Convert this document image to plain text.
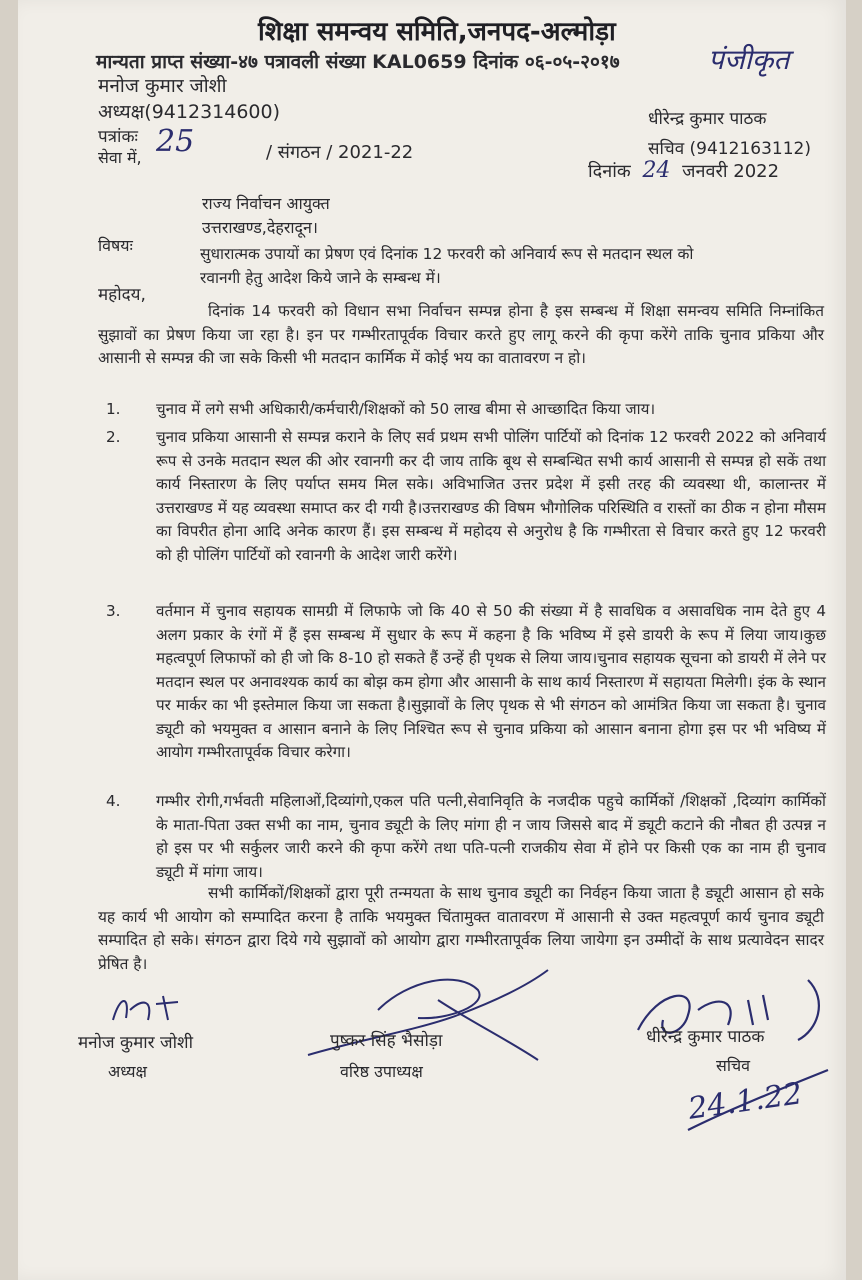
शिक्षा समन्वय समिति,जनपद-अल्मोड़ा
मान्यता प्राप्त संख्या-४७ पत्रावली संख्या KAL0659 दिनांक ०६-०५-२०१७	पंजीकृत
मनोज कुमार जोशी
अध्यक्ष(9412314600)	धीरेन्द्र कुमार पाठक
सचिव (9412163112)
पत्रांकः
सेवा में, 25	/ संगठन / 2021-22
दिनांक 24 जनवरी 2022
राज्य निर्वाचन आयुक्त
उत्तराखण्ड,देहरादून।
विषयः	सुधारात्मक उपायों का प्रेषण एवं दिनांक 12 फरवरी को अनिवार्य रूप से मतदान स्थल को
रवानगी हेतु आदेश किये जाने के सम्बन्ध में।
महोदय,
दिनांक 14 फरवरी को विधान सभा निर्वाचन सम्पन्न होना है इस सम्बन्ध में शिक्षा समन्वय समिति निम्नांकित सुझावों का प्रेषण किया जा रहा है। इन पर गम्भीरतापूर्वक विचार करते हुए लागू करने की कृपा करेंगे ताकि चुनाव प्रकिया और आसानी से सम्पन्न की जा सके किसी भी मतदान कार्मिक में कोई भय का वातावरण न हो।
1.	चुनाव में लगे सभी अधिकारी/कर्मचारी/शिक्षकों को 50 लाख बीमा से आच्छादित किया जाय।
2.	चुनाव प्रकिया आसानी से सम्पन्न कराने के लिए सर्व प्रथम सभी पोलिंग पार्टियों को दिनांक 12 फरवरी 2022 को अनिवार्य रूप से उनके मतदान स्थल की ओर रवानगी कर दी जाय ताकि बूथ से सम्बन्धित सभी कार्य आसानी से सम्पन्न हो सकें तथा कार्य निस्तारण के लिए पर्याप्त समय मिल सके। अविभाजित उत्तर प्रदेश में इसी तरह की व्यवस्था थी, कालान्तर में उत्तराखण्ड में यह व्यवस्था समाप्त कर दी गयी है।उत्तराखण्ड की विषम भौगोलिक परिस्थिति व रास्तों का ठीक न होना मौसम का विपरीत होना आदि अनेक कारण हैं। इस सम्बन्ध में महोदय से अनुरोध है कि गम्भीरता से विचार करते हुए 12 फरवरी को ही पोलिंग पार्टियों को रवानगी के आदेश जारी करेंगे।
3.	वर्तमान में चुनाव सहायक सामग्री में लिफाफे जो कि 40 से 50 की संख्या में है सावधिक व असावधिक नाम देते हुए 4 अलग प्रकार के रंगों में हैं इस सम्बन्ध में सुधार के रूप में कहना है कि भविष्य में इसे डायरी के रूप में लिया जाय।कुछ महत्वपूर्ण लिफाफों को ही जो कि 8-10 हो सकते हैं उन्हें ही पृथक से लिया जाय।चुनाव सहायक सूचना को डायरी में लेने पर मतदान स्थल पर अनावश्यक कार्य का बोझ कम होगा और आसानी के साथ कार्य निस्तारण में सहायता मिलेगी। इंक के स्थान पर मार्कर का भी इस्तेमाल किया जा सकता है।सुझावों के लिए पृथक से भी संगठन को आमंत्रित किया जा सकता है। चुनाव ड्यूटी को भयमुक्त व आसान बनाने के लिए निश्चित रूप से चुनाव प्रकिया को आसान बनाना होगा इस पर भी भविष्य में आयोग गम्भीरतापूर्वक विचार करेगा।
4.	गम्भीर रोगी,गर्भवती महिलाओं,दिव्यांगो,एकल पति पत्नी,सेवानिवृति के नजदीक पहुचे कार्मिकों /शिक्षकों ,दिव्यांग कार्मिकों के माता-पिता उक्त सभी का नाम, चुनाव ड्यूटी के लिए मांगा ही न जाय जिससे बाद में ड्यूटी कटाने की नौबत ही उत्पन्न न हो इस पर भी सर्कुलर जारी करने की कृपा करेंगे तथा पति-पत्नी राजकीय सेवा में होने पर किसी एक का नाम ही चुनाव ड्यूटी में मांगा जाय।
सभी कार्मिकों/शिक्षकों द्वारा पूरी तन्मयता के साथ चुनाव ड्यूटी का निर्वहन किया जाता है ड्यूटी आसान हो सके यह कार्य भी आयोग को सम्पादित करना है ताकि भयमुक्त चिंतामुक्त वातावरण में आसानी से उक्त महत्वपूर्ण कार्य चुनाव ड्यूटी सम्पादित हो सके। संगठन द्वारा दिये गये सुझावों को आयोग द्वारा गम्भीरतापूर्वक लिया जायेगा इन उम्मीदों के साथ प्रत्यावेदन सादर प्रेषित है।
मनोज कुमार जोशी
अध्यक्ष
पुष्कर सिंह भैसोड़ा
वरिष्ठ उपाध्यक्ष
धीरेन्द्र कुमार पाठक
सचिव
24.1.22
